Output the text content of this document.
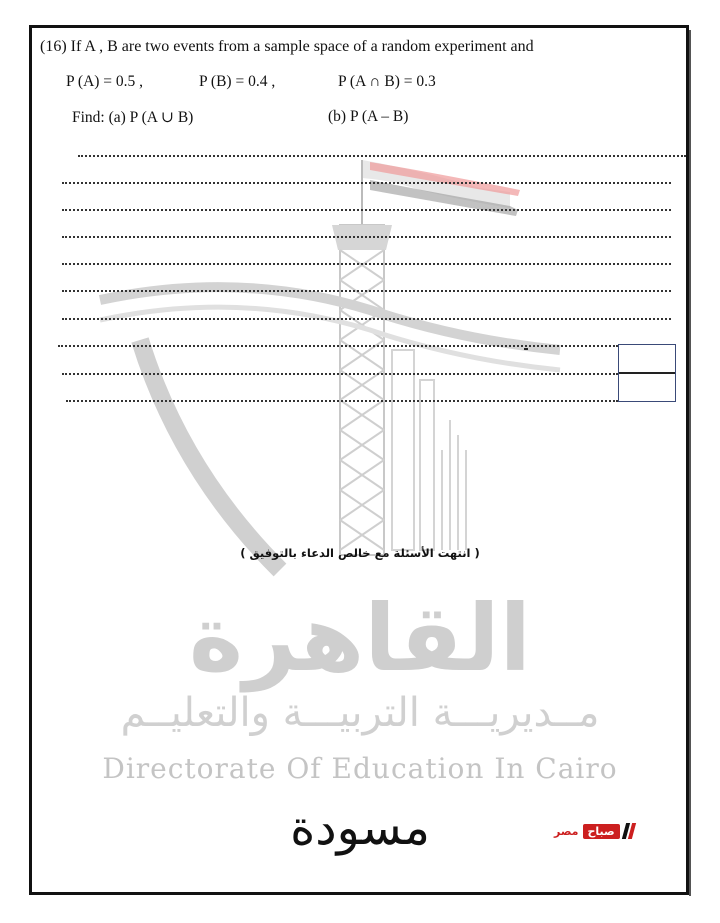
القاهرة
مــديريـــة التربيـــة والتعليــم
Directorate Of Education In Cairo
(16) If A , B are two events from a sample space of a random experiment and
P (A) = 0.5 ,	P (B) = 0.4 ,	P (A ∩ B) = 0.3
Find: (a) P (A ∪ B)	(b) P (A – B)
( انتهت الأسئلة مع خالص الدعاء بالتوفيق )
مسودة	مصر صباح
